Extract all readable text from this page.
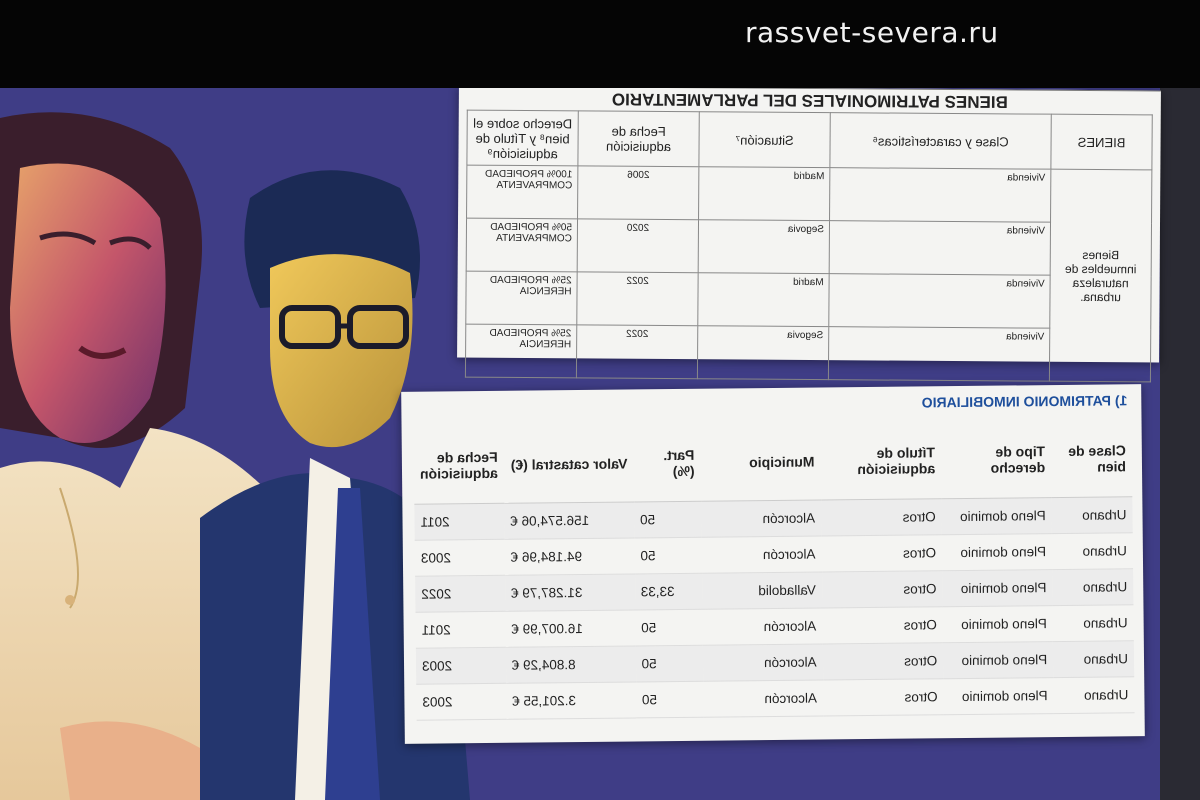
rassvet-severa.ru
BIENES PATRIMONIALES DEL PARLAMENTARIO
BIENES	Clase y características⁶	Situación⁷	Fecha de adquisición	Derecho sobre el bien⁸ y Título de adquisición⁹
Bienes inmuebles de naturaleza urbana.	Vivienda	Madrid	2006	100% PROPIEDAD COMPRAVENTA
	Vivienda	Segovia	2020	50% PROPIEDAD COMPRAVENTA
	Vivienda	Madrid	2022	25% PROPIEDAD HERENCIA
	Vivienda	Segovia	2022	25% PROPIEDAD HERENCIA
1) PATRIMONIO INMOBILIARIO
Clase de bien	Tipo de derecho	Título de adquisición	Municipio	Part. (%)	Valor catastral (€)	Fecha de adquisición
Urbano	Pleno dominio	Otros	Alcorcón	50	156.574,06 €	2011
Urbano	Pleno dominio	Otros	Alcorcón	50	94.184,96 €	2003
Urbano	Pleno dominio	Otros	Valladolid	33,33	31.287,79 €	2022
Urbano	Pleno dominio	Otros	Alcorcón	50	16.007,99 €	2011
Urbano	Pleno dominio	Otros	Alcorcón	50	8.804,29 €	2003
Urbano	Pleno dominio	Otros	Alcorcón	50	3.201,55 €	2003
